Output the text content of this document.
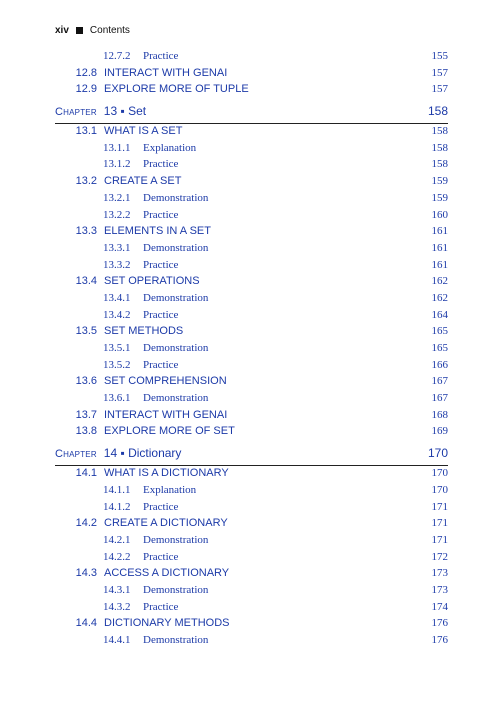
xiv Contents
12.7.2	Practice	155
12.8 INTERACT WITH GENAI	157
12.9 EXPLORE MORE OF TUPLE	157
Chapter 13 ▪ Set	158
13.1 WHAT IS A SET	158
13.1.1	Explanation	158
13.1.2	Practice	158
13.2 CREATE A SET	159
13.2.1	Demonstration	159
13.2.2	Practice	160
13.3 ELEMENTS IN A SET	161
13.3.1	Demonstration	161
13.3.2	Practice	161
13.4 SET OPERATIONS	162
13.4.1	Demonstration	162
13.4.2	Practice	164
13.5 SET METHODS	165
13.5.1	Demonstration	165
13.5.2	Practice	166
13.6 SET COMPREHENSION	167
13.6.1	Demonstration	167
13.7 INTERACT WITH GENAI	168
13.8 EXPLORE MORE OF SET	169
Chapter 14 ▪ Dictionary	170
14.1 WHAT IS A DICTIONARY	170
14.1.1	Explanation	170
14.1.2	Practice	171
14.2 CREATE A DICTIONARY	171
14.2.1	Demonstration	171
14.2.2	Practice	172
14.3 ACCESS A DICTIONARY	173
14.3.1	Demonstration	173
14.3.2	Practice	174
14.4 DICTIONARY METHODS	176
14.4.1	Demonstration	176
